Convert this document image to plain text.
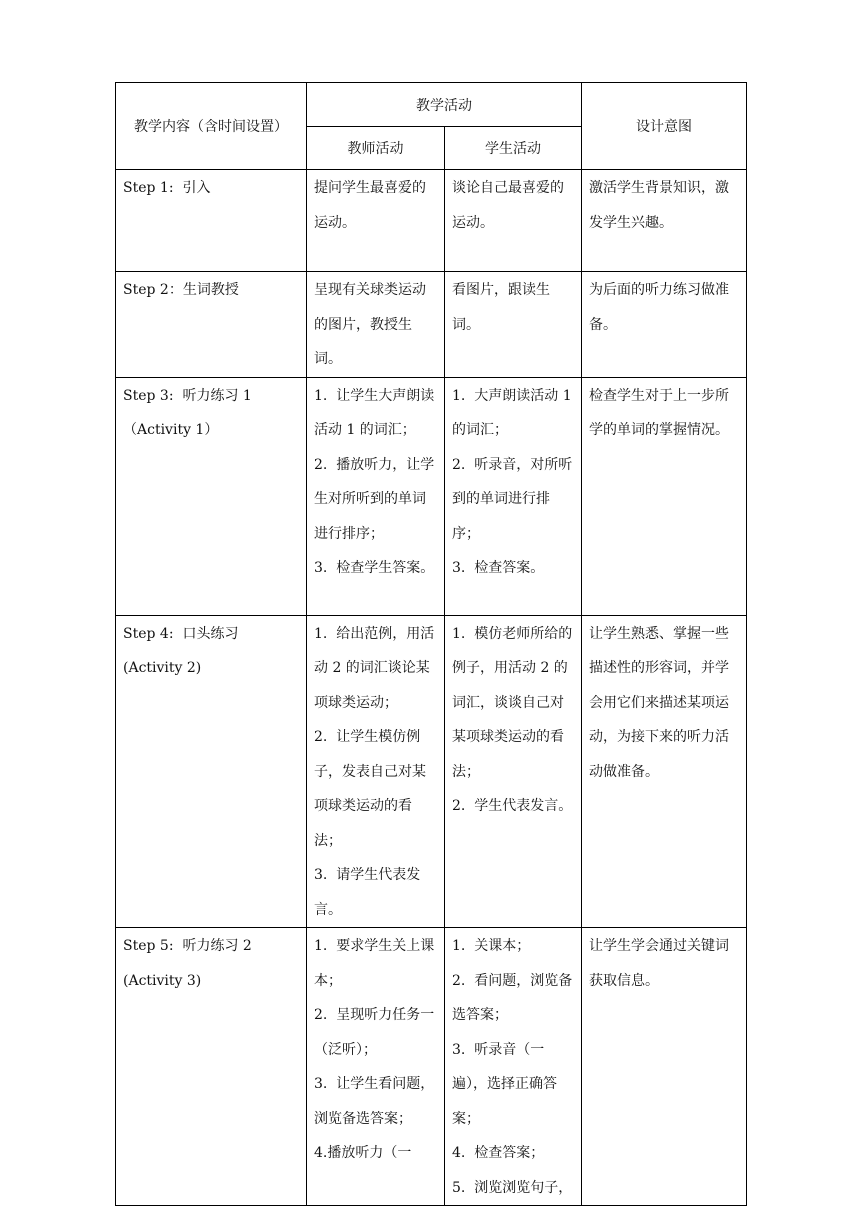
教学内容（含时间设置）	教学活动		设计意图
	教师活动	学生活动	

Step 1:  引入	提问学生最喜爱的运动。	谈论自己最喜爱的运动。	激活学生背景知识，激发学生兴趣。

Step 2：生词教授	呈现有关球类运动的图片，教授生词。	看图片，跟读生词。	为后面的听力练习做准备。

Step 3:  听力练习 1
（Activity 1）	1.  让学生大声朗读活动 1 的词汇；
2.  播放听力，让学生对所听到的单词进行排序；
3.  检查学生答案。	1.  大声朗读活动 1 的词汇；
2.  听录音，对所听到的单词进行排序；
3.  检查答案。	检查学生对于上一步所学的单词的掌握情况。

Step 4:  口头练习
(Activity 2)	1.  给出范例，用活动 2 的词汇谈论某项球类运动；
2.  让学生模仿例子，发表自己对某项球类运动的看法；
3.  请学生代表发言。	1.  模仿老师所给的例子，用活动 2 的词汇，谈谈自己对某项球类运动的看法；
2.  学生代表发言。	让学生熟悉、掌握一些描述性的形容词，并学会用它们来描述某项运动，为接下来的听力活动做准备。

Step 5:  听力练习 2
(Activity 3)	1.  要求学生关上课本；
2.  呈现听力任务一（泛听）；
3.  让学生看问题，浏览备选答案；
4.播放听力（一	1.  关课本；
2.  看问题，浏览备选答案；
3.  听录音（一遍），选择正确答案；
4.  检查答案；
5.  浏览浏览句子，	让学生学会通过关键词获取信息。
